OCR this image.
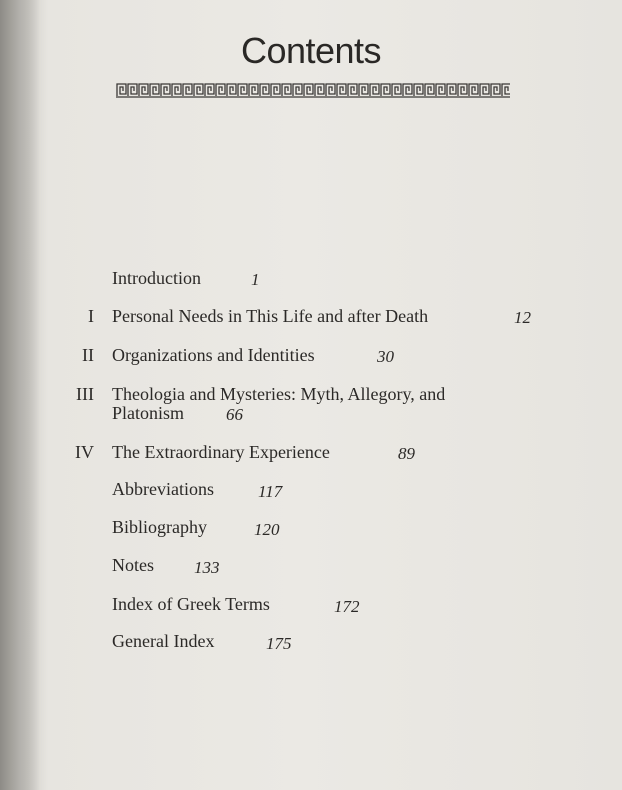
Contents
Introduction	1
I Personal Needs in This Life and after Death	12
II Organizations and Identities	30
III Theologia and Mysteries: Myth, Allegory, and
Platonism 66
IV The Extraordinary Experience	89
Abbreviations	117
Bibliography	120
Notes 133
Index of Greek Terms	172
General Index	175
